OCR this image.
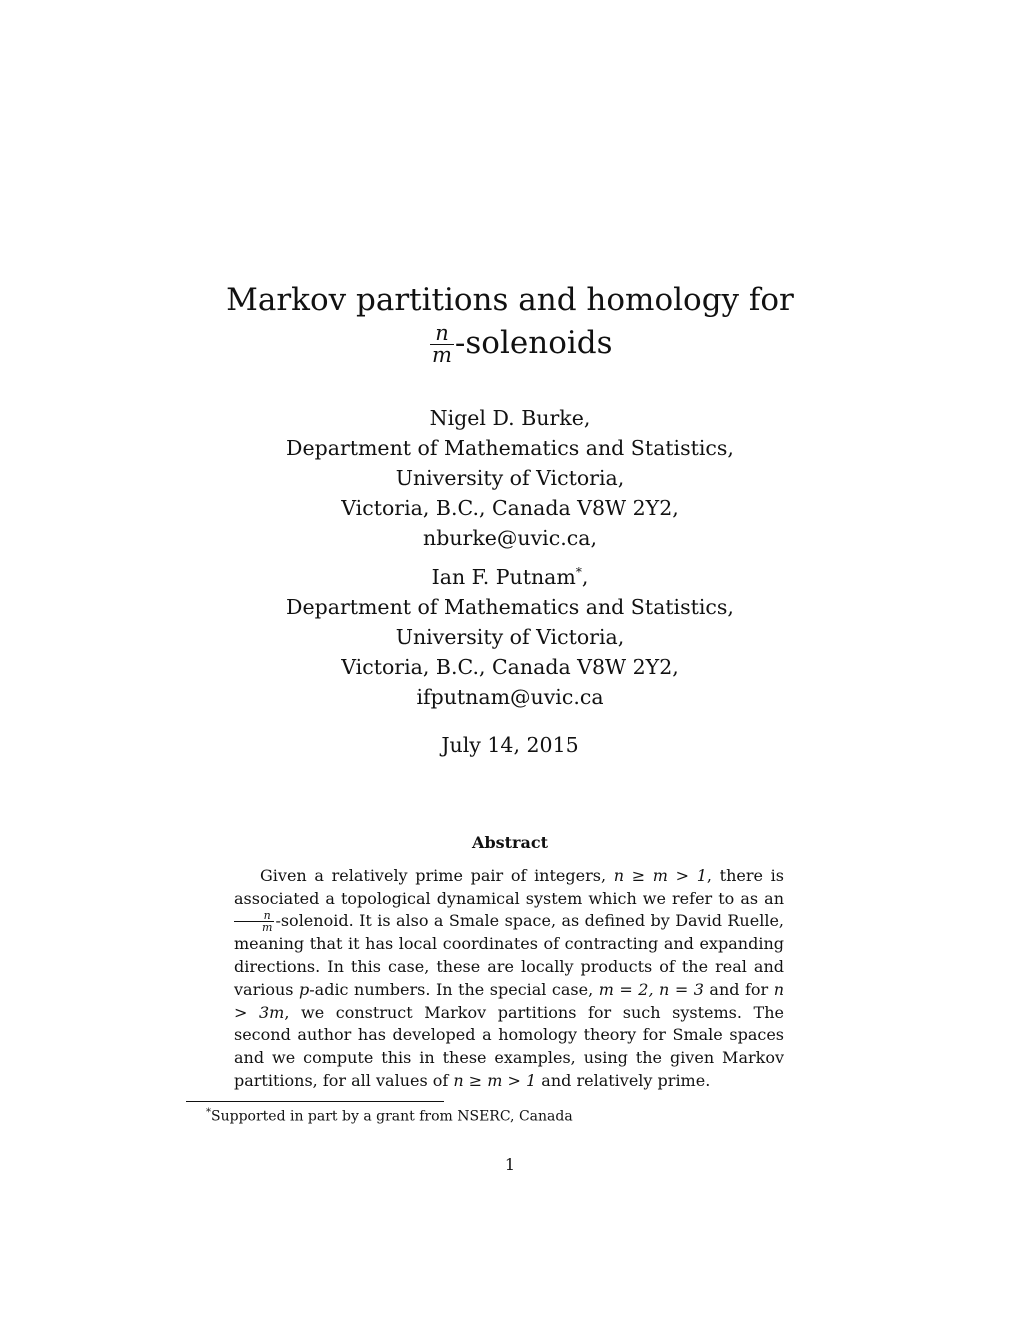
Markov partitions and homology for
$\frac{n}{m}$ -solenoids
Nigel D. Burke,
Department of Mathematics and Statistics,
University of Victoria,
Victoria, B.C., Canada V8W 2Y2,
nburke@uvic.ca,
Ian F. Putnam*,
Department of Mathematics and Statistics,
University of Victoria,
Victoria, B.C., Canada V8W 2Y2,
ifputnam@uvic.ca
July 14, 2015
Abstract
Given a relatively prime pair of integers, n ≥ m > 1, there is associated a topological dynamical system which we refer to as an
$\frac{n}{m}$ -solenoid. It is also a Smale space, as defined by David Ruelle, meaning that it has local coordinates of contracting and expanding directions. In this case, these are locally products of the real and various p-adic numbers. In the special case, m = 2, n = 3 and for n > 3m, we construct Markov partitions for such systems. The second author has developed a homology theory for Smale spaces and we compute this in these examples, using the given Markov partitions, for all values of n ≥ m > 1 and relatively prime.
*Supported in part by a grant from NSERC, Canada
1
